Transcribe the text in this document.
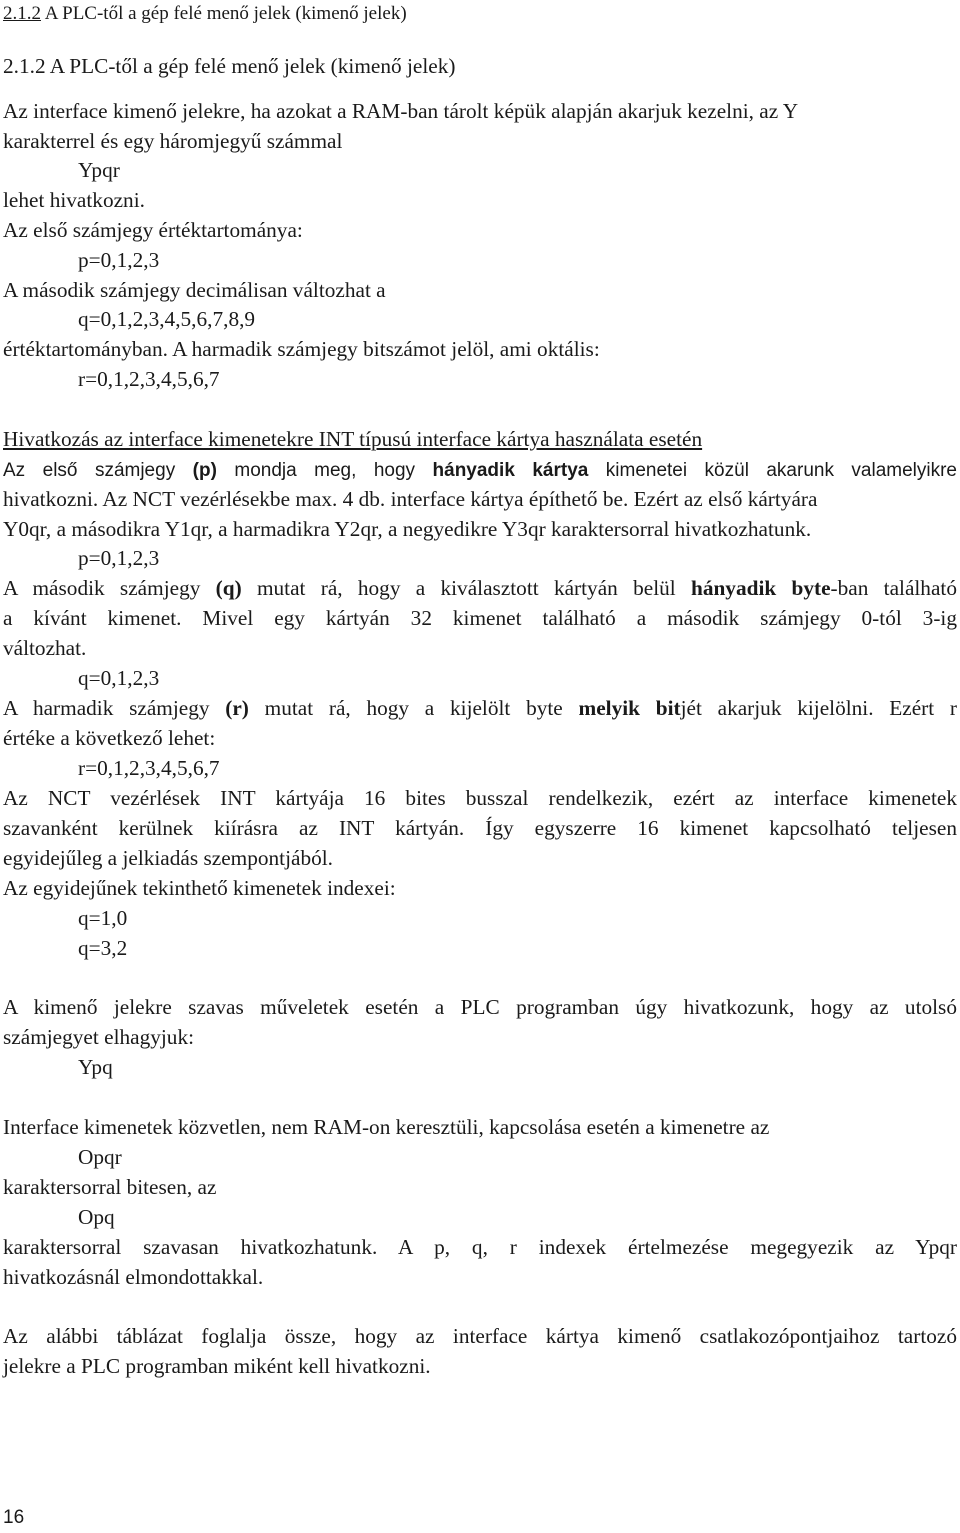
2.1.2 A PLC-től a gép felé menő jelek (kimenő jelek)
2.1.2 A PLC-től a gép felé menő jelek (kimenő jelek)
Az interface kimenő jelekre, ha azokat a RAM-ban tárolt képük alapján akarjuk kezelni, az Y
karakterrel és egy háromjegyű számmal
Ypqr
lehet hivatkozni.
Az első számjegy értéktartománya:
p=0,1,2,3
A második számjegy decimálisan változhat a
q=0,1,2,3,4,5,6,7,8,9
értéktartományban. A harmadik számjegy bitszámot jelöl, ami oktális:
r=0,1,2,3,4,5,6,7
Hivatkozás az interface kimenetekre INT típusú interface kártya használata esetén
Az első számjegy (p) mondja meg, hogy hányadik kártya kimenetei közül akarunk valamelyikre
hivatkozni. Az NCT vezérlésekbe max. 4 db. interface kártya építhető be. Ezért az első kártyára
Y0qr, a másodikra Y1qr, a harmadikra Y2qr, a negyedikre Y3qr karaktersorral hivatkozhatunk.
p=0,1,2,3
A második számjegy (q) mutat rá, hogy a kiválasztott kártyán belül hányadik byte-ban található
a kívánt kimenet. Mivel egy kártyán 32 kimenet található a második számjegy 0-tól 3-ig
változhat.
q=0,1,2,3
A harmadik számjegy (r) mutat rá, hogy a kijelölt byte melyik bitjét akarjuk kijelölni. Ezért r
értéke a következő lehet:
r=0,1,2,3,4,5,6,7
Az NCT vezérlések INT kártyája 16 bites busszal rendelkezik, ezért az interface kimenetek
szavanként kerülnek kiírásra az INT kártyán. Így egyszerre 16 kimenet kapcsolható teljesen
egyidejűleg a jelkiadás szempontjából.
Az egyidejűnek tekinthető kimenetek indexei:
q=1,0
q=3,2
A kimenő jelekre szavas műveletek esetén a PLC programban úgy hivatkozunk, hogy az utolsó
számjegyet elhagyjuk:
Ypq
Interface kimenetek közvetlen, nem RAM-on keresztüli, kapcsolása esetén a kimenetre az
Opqr
karaktersorral bitesen, az
Opq
karaktersorral szavasan hivatkozhatunk. A p, q, r indexek értelmezése megegyezik az Ypqr
hivatkozásnál elmondottakkal.
Az alábbi táblázat foglalja össze, hogy az interface kártya kimenő csatlakozópontjaihoz tartozó
jelekre a PLC programban miként kell hivatkozni.
16
